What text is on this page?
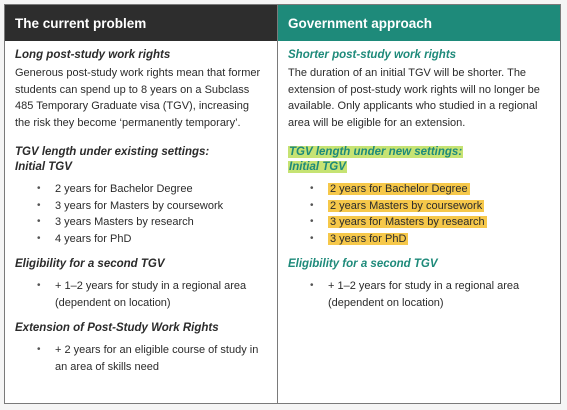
The current problem
Long post-study work rights
Generous post-study work rights mean that former students can spend up to 8 years on a Subclass 485 Temporary Graduate visa (TGV), increasing the risk they become ‘permanently temporary’.
TGV length under existing settings:
Initial TGV
• 2 years for Bachelor Degree
• 3 years for Masters by coursework
• 3 years Masters by research
• 4 years for PhD
Eligibility for a second TGV
• + 1–2 years for study in a regional area (dependent on location)
Extension of Post-Study Work Rights
• + 2 years for an eligible course of study in an area of skills need
Government approach
Shorter post-study work rights
The duration of an initial TGV will be shorter. The extension of post-study work rights will no longer be available. Only applicants who studied in a regional area will be eligible for an extension.
TGV length under new settings:
Initial TGV
• 2 years for Bachelor Degree
• 2 years Masters by coursework
• 3 years for Masters by research
• 3 years for PhD
Eligibility for a second TGV
• + 1–2 years for study in a regional area (dependent on location)
